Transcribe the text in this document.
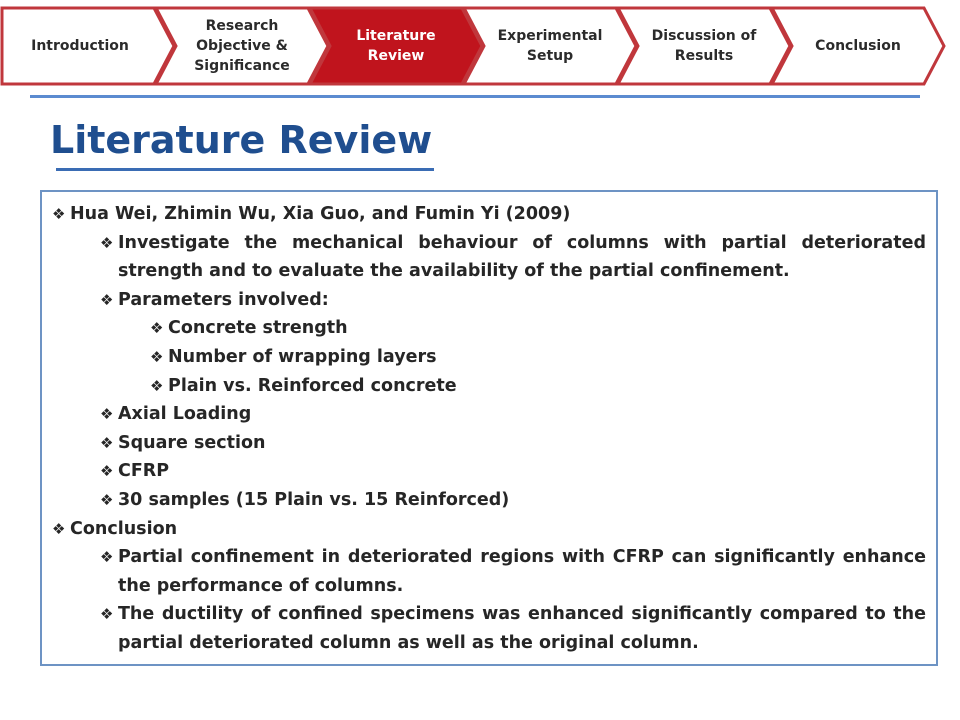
Introduction
Research
Objective &
Significance
Literature
Review
Experimental
Setup
Discussion of
Results
Conclusion
Literature Review

❖ Hua Wei, Zhimin Wu, Xia Guo, and Fumin Yi (2009)

❖ Investigate the mechanical behaviour of columns with partial deteriorated strength and to evaluate the availability of the partial confinement.

❖ Parameters involved:

❖ Concrete strength

❖ Number of wrapping layers

❖ Plain vs. Reinforced concrete

❖ Axial Loading

❖ Square section

❖ CFRP

❖ 30 samples (15 Plain vs. 15 Reinforced)

❖ Conclusion

❖ Partial confinement in deteriorated regions with CFRP can significantly enhance the performance of columns.

❖ The ductility of confined specimens was enhanced significantly compared to the partial deteriorated column as well as the original column.
